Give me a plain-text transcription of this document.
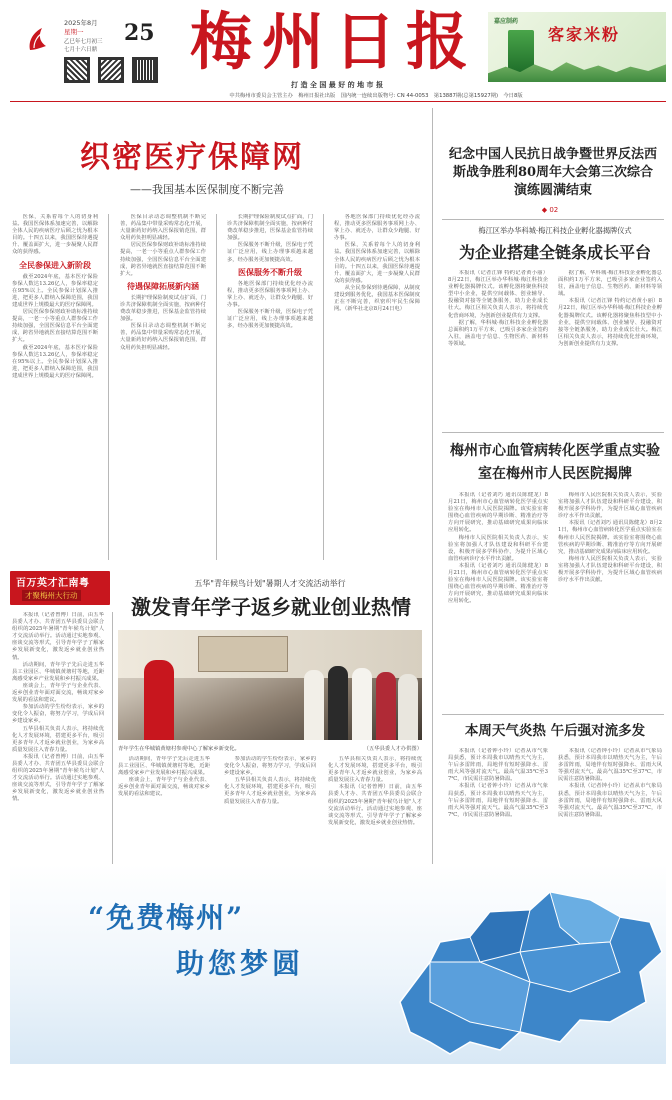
2025年8月
星期一
乙巳年七月初三
七月十六日鼎
25 梅州日报
打 造 全 国 最 好 的 地 市 报
嘉应制药
客家米粉
中共梅州市委员会主管主办　梅州日报社出版　国内统一连续出版物号: CN 44-0053　第13887期(总第15927期)　今日8版
织密医疗保障网
——我国基本医保制度不断完善

医保，关系着每个人的切身利益。我国医保体系加速完善，以解除全体人民的疾病医疗后顾之忧为根本目的。十四五以来，我国医保待遇提升、覆盖面扩大，进一步凝聚人民群众的获得感。

全民参保进入新阶段

截至2024年底，基本医疗保险参保人数达13.26亿人，参保率稳定在95%以上。全民参保计划深入推进，把更多人群纳入保障范围，我国建成世界上规模最大的医疗保障网。

居民医保参保财政补助标准持续提高，一老一小等重点人群参保工作持续加强，全国医保信息平台全面建成，跨省异地就医直接结算范围不断扩大。

截至2024年底，基本医疗保险参保人数达13.26亿人，参保率稳定在95%以上。全民参保计划深入推进，把更多人群纳入保障范围，我国建成世界上规模最大的医疗保障网。

医保目录动态调整机制不断完善，药品集中带量采购常态化开展，大量新药好药纳入医保报销范围，群众用药负担明显减轻。

居民医保参保财政补助标准持续提高，一老一小等重点人群参保工作持续加强，全国医保信息平台全面建成，跨省异地就医直接结算范围不断扩大。

待遇保障拓展新内涵

长期护理保险制度试点扩面，门诊共济保障机制全面实施，按病种付费改革稳步推进，医保基金监管持续加强。

医保目录动态调整机制不断完善，药品集中带量采购常态化开展，大量新药好药纳入医保报销范围，群众用药负担明显减轻。

长期护理保险制度试点扩面，门诊共济保障机制全面实施，按病种付费改革稳步推进，医保基金监管持续加强。

医保服务不断升级，医保电子凭证广泛应用，线上办理事项越来越多，经办服务更加便捷高效。

医保服务不断升级

各地医保部门持续优化经办流程，推动更多医保服务事项网上办、掌上办、就近办，让群众少跑腿、好办事。

医保服务不断升级，医保电子凭证广泛应用，线上办理事项越来越多，经办服务更加便捷高效。

各地医保部门持续优化经办流程，推动更多医保服务事项网上办、掌上办、就近办，让群众少跑腿、好办事。

医保，关系着每个人的切身利益。我国医保体系加速完善，以解除全体人民的疾病医疗后顾之忧为根本目的。十四五以来，我国医保待遇提升、覆盖面扩大，进一步凝聚人民群众的获得感。

从全民参保到待遇保障，从制度建设到服务优化，我国基本医保制度正在不断完善，织密织牢民生保障网。（新华社北京8月24日电）

纪念中国人民抗日战争暨世界反法西斯战争胜利80周年大会第三次综合演练圆满结束
◆ 02
梅江区举办华科城·梅江科技企业孵化器揭牌仪式
为企业搭建全链条成长平台

本报讯（记者江锋 特约记者黄小丽）8月22日，梅江区举办华科城·梅江科技企业孵化器揭牌仪式。该孵化器将聚焦科技型中小企业，提供空间载体、创业辅导、投融资对接等全链条服务，助力企业成长壮大。梅江区相关负责人表示，将持续优化营商环境，为创新创业提供有力支撑。

据了解，华科城·梅江科技企业孵化器总面积约1万平方米，已吸引多家企业签约入驻，涵盖电子信息、生物医药、新材料等领域。

据了解，华科城·梅江科技企业孵化器总面积约1万平方米，已吸引多家企业签约入驻，涵盖电子信息、生物医药、新材料等领域。

本报讯（记者江锋 特约记者黄小丽）8月22日，梅江区举办华科城·梅江科技企业孵化器揭牌仪式。该孵化器将聚焦科技型中小企业，提供空间载体、创业辅导、投融资对接等全链条服务，助力企业成长壮大。梅江区相关负责人表示，将持续优化营商环境，为创新创业提供有力支撑。

梅州市心血管病转化医学重点实验室在梅州市人民医院揭牌

本报讯（记者刘巧 通讯员陈健龙）8月21日，梅州市心血管病转化医学重点实验室在梅州市人民医院揭牌。该实验室将围绕心血管疾病的早期诊断、精准治疗等方向开展研究，推动基础研究成果向临床应用转化。

梅州市人民医院相关负责人表示，实验室将加强人才队伍建设和科研平台建设，积极开展多学科协作，为提升区域心血管疾病诊疗水平作出贡献。

本报讯（记者刘巧 通讯员陈健龙）8月21日，梅州市心血管病转化医学重点实验室在梅州市人民医院揭牌。该实验室将围绕心血管疾病的早期诊断、精准治疗等方向开展研究，推动基础研究成果向临床应用转化。

梅州市人民医院相关负责人表示，实验室将加强人才队伍建设和科研平台建设，积极开展多学科协作，为提升区域心血管疾病诊疗水平作出贡献。

本报讯（记者刘巧 通讯员陈健龙）8月21日，梅州市心血管病转化医学重点实验室在梅州市人民医院揭牌。该实验室将围绕心血管疾病的早期诊断、精准治疗等方向开展研究，推动基础研究成果向临床应用转化。

梅州市人民医院相关负责人表示，实验室将加强人才队伍建设和科研平台建设，积极开展多学科协作，为提升区域心血管疾病诊疗水平作出贡献。

本周天气炎热 午后强对流多发

本报讯（记者钟小玲）记者从市气象局获悉，预计本周我市以晴热天气为主，午后多雷阵雨，局地伴有短时强降水、雷雨大风等强对流天气。最高气温35℃至37℃，市民需注意防暑降温。

本报讯（记者钟小玲）记者从市气象局获悉，预计本周我市以晴热天气为主，午后多雷阵雨，局地伴有短时强降水、雷雨大风等强对流天气。最高气温35℃至37℃，市民需注意防暑降温。

本报讯（记者钟小玲）记者从市气象局获悉，预计本周我市以晴热天气为主，午后多雷阵雨，局地伴有短时强降水、雷雨大风等强对流天气。最高气温35℃至37℃，市民需注意防暑降温。

本报讯（记者钟小玲）记者从市气象局获悉，预计本周我市以晴热天气为主，午后多雷阵雨，局地伴有短时强降水、雷雨大风等强对流天气。最高气温35℃至37℃，市民需注意防暑降温。

百万英才汇南粤
才聚梅州大行动
五华"青年候鸟计划"暑期人才交流活动举行
激发青年学子返乡就业创业热情

本报讯（记者曾博）日前，由五华县委人才办、共青团五华县委员会联合组织的2025年暑期"青年候鸟计划"人才交流活动举行。活动通过实地参观、座谈交流等形式，引导青年学子了解家乡发展新变化，激发返乡就业创业热情。

活动期间，青年学子先后走进五华县工业园区、华城镇黄塘村等地，近距离感受家乡产业发展和乡村振兴成果。

座谈会上，青年学子与企业代表、返乡创业青年面对面交流，畅谈对家乡发展的看法和建议。

参加活动的学生纷纷表示，家乡的变化令人振奋，将努力学习，学成后回乡建设家乡。

五华县相关负责人表示，将持续优化人才发展环境，搭建更多平台，吸引更多青年人才返乡就业创业，为家乡高质量发展注入青春力量。

本报讯（记者曾博）日前，由五华县委人才办、共青团五华县委员会联合组织的2025年暑期"青年候鸟计划"人才交流活动举行。活动通过实地参观、座谈交流等形式，引导青年学子了解家乡发展新变化，激发返乡就业创业热情。

青年学生在华城镇黄塘村参观中心了解家乡新变化。	（五华县委人才办供图）

活动期间，青年学子先后走进五华县工业园区、华城镇黄塘村等地，近距离感受家乡产业发展和乡村振兴成果。

座谈会上，青年学子与企业代表、返乡创业青年面对面交流，畅谈对家乡发展的看法和建议。

参加活动的学生纷纷表示，家乡的变化令人振奋，将努力学习，学成后回乡建设家乡。

五华县相关负责人表示，将持续优化人才发展环境，搭建更多平台，吸引更多青年人才返乡就业创业，为家乡高质量发展注入青春力量。

五华县相关负责人表示，将持续优化人才发展环境，搭建更多平台，吸引更多青年人才返乡就业创业，为家乡高质量发展注入青春力量。

本报讯（记者曾博）日前，由五华县委人才办、共青团五华县委员会联合组织的2025年暑期"青年候鸟计划"人才交流活动举行。活动通过实地参观、座谈交流等形式，引导青年学子了解家乡发展新变化，激发返乡就业创业热情。

“免费梅州”
助您梦圆
